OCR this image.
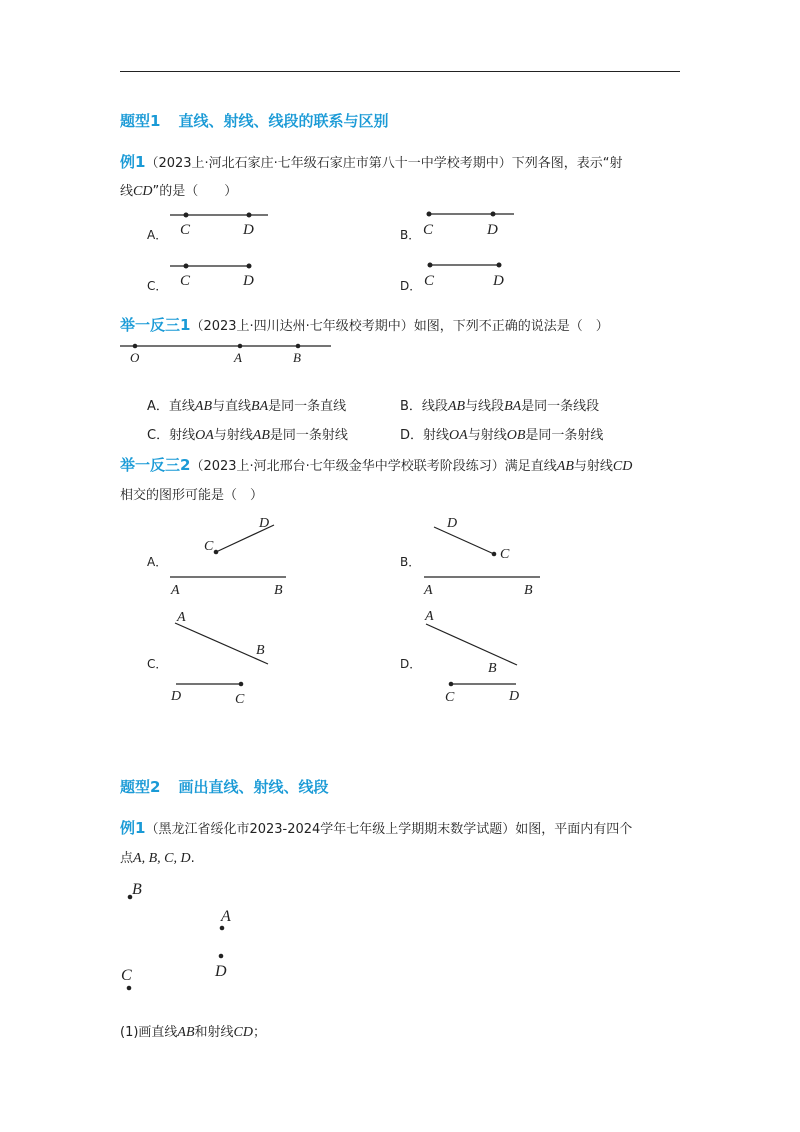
题型1 直线、射线、线段的联系与区别
例1（2023上·河北石家庄·七年级石家庄市第八十一中学校考期中）下列各图，表示“射
线CD”的是（　　）
A． C	D	B． C	D
C． C	D	D． C	D
举一反三1（2023上·四川达州·七年级校考期中）如图，下列不正确的说法是（　）
O	A	B
A．直线AB与直线BA是同一条直线	B．线段AB与线段BA是同一条线段
C．射线OA与射线AB是同一条射线	D．射线OA与射线OB是同一条射线
举一反三2（2023上·河北邢台·七年级金华中学校联考阶段练习）满足直线AB与射线CD
相交的图形可能是（　）
A．
C
D
A	B
B．
D
C
A	B
C．
A
B
D	C
D．
A
B
C	D
题型2 画出直线、射线、线段
例1（黑龙江省绥化市2023-2024学年七年级上学期期末数学试题）如图，平面内有四个
点A, B, C, D.
B
A
D
C
(1)画直线AB和射线CD；
